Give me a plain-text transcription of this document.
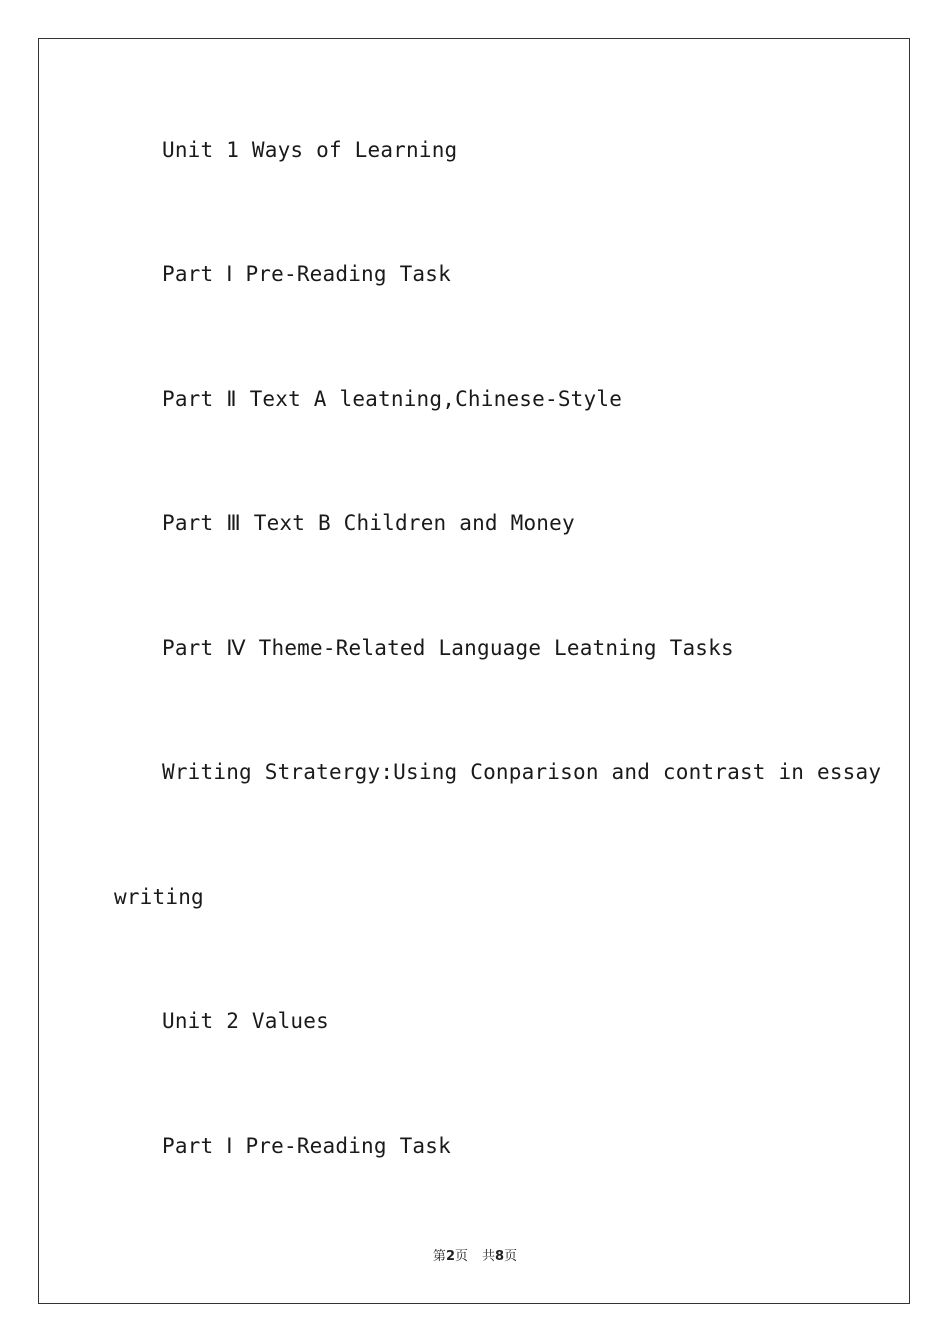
Unit 1 Ways of Learning
Part Ⅰ Pre-Reading Task
Part Ⅱ Text A leatning,Chinese-Style
Part Ⅲ Text B Children and Money
Part Ⅳ Theme-Related Language Leatning Tasks
Writing Stratergy:Using Conparison and contrast in essay
writing
Unit 2 Values
Part Ⅰ Pre-Reading Task
第2页 共8页
